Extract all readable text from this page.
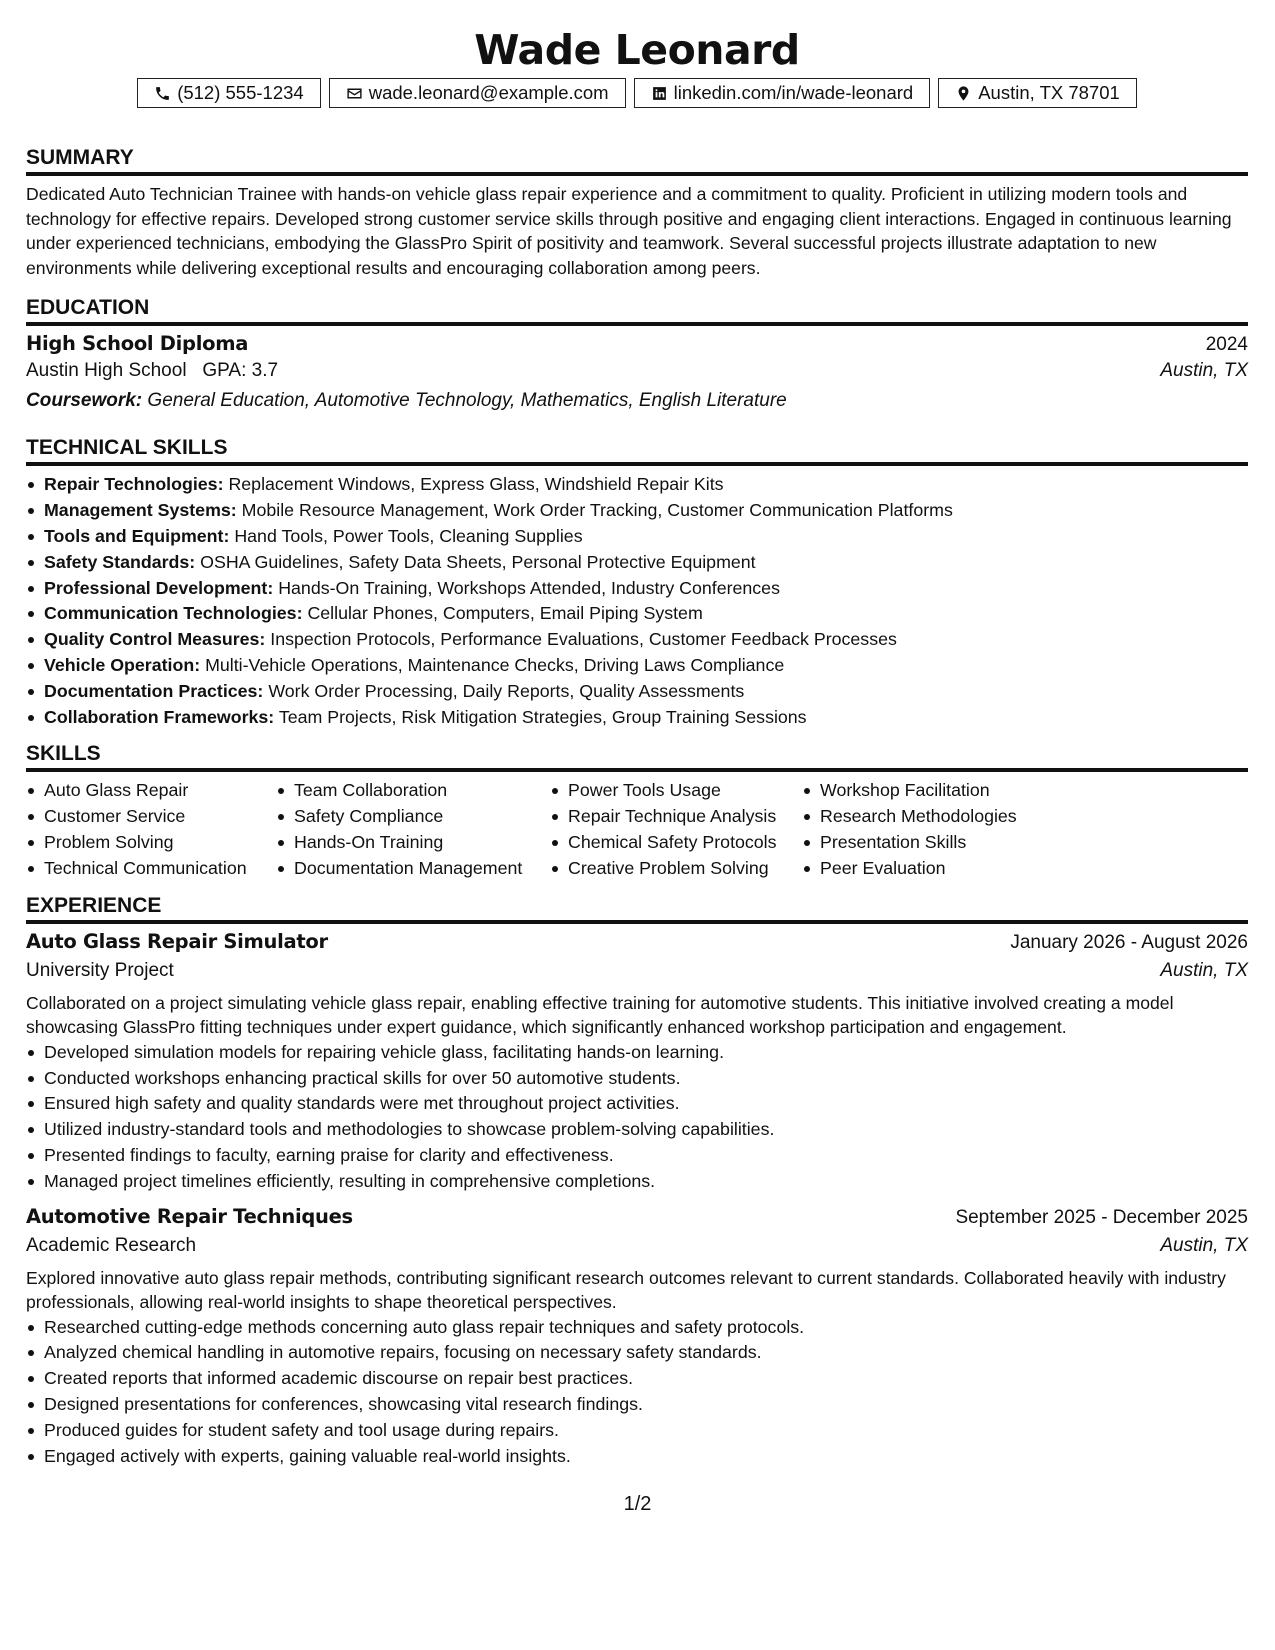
Wade Leonard
(512) 555-1234	wade.leonard@example.com	linkedin.com/in/wade-leonard	Austin, TX 78701
SUMMARY
Dedicated Auto Technician Trainee with hands-on vehicle glass repair experience and a commitment to quality. Proficient in utilizing modern tools and technology for effective repairs. Developed strong customer service skills through positive and engaging client interactions. Engaged in continuous learning under experienced technicians, embodying the GlassPro Spirit of positivity and teamwork. Several successful projects illustrate adaptation to new environments while delivering exceptional results and encouraging collaboration among peers.
EDUCATION
High School Diploma	2024
Austin High School GPA: 3.7	Austin, TX
Coursework: General Education, Automotive Technology, Mathematics, English Literature
TECHNICAL SKILLS
Repair Technologies: Replacement Windows, Express Glass, Windshield Repair Kits
Management Systems: Mobile Resource Management, Work Order Tracking, Customer Communication Platforms
Tools and Equipment: Hand Tools, Power Tools, Cleaning Supplies
Safety Standards: OSHA Guidelines, Safety Data Sheets, Personal Protective Equipment
Professional Development: Hands-On Training, Workshops Attended, Industry Conferences
Communication Technologies: Cellular Phones, Computers, Email Piping System
Quality Control Measures: Inspection Protocols, Performance Evaluations, Customer Feedback Processes
Vehicle Operation: Multi-Vehicle Operations, Maintenance Checks, Driving Laws Compliance
Documentation Practices: Work Order Processing, Daily Reports, Quality Assessments
Collaboration Frameworks: Team Projects, Risk Mitigation Strategies, Group Training Sessions
SKILLS
Auto Glass Repair
Customer Service
Problem Solving
Technical Communication
Team Collaboration
Safety Compliance
Hands-On Training
Documentation Management
Power Tools Usage
Repair Technique Analysis
Chemical Safety Protocols
Creative Problem Solving
Workshop Facilitation
Research Methodologies
Presentation Skills
Peer Evaluation
EXPERIENCE
Auto Glass Repair Simulator	January 2026 - August 2026
University Project	Austin, TX
Collaborated on a project simulating vehicle glass repair, enabling effective training for automotive students. This initiative involved creating a model showcasing GlassPro fitting techniques under expert guidance, which significantly enhanced workshop participation and engagement.
Developed simulation models for repairing vehicle glass, facilitating hands-on learning.
Conducted workshops enhancing practical skills for over 50 automotive students.
Ensured high safety and quality standards were met throughout project activities.
Utilized industry-standard tools and methodologies to showcase problem-solving capabilities.
Presented findings to faculty, earning praise for clarity and effectiveness.
Managed project timelines efficiently, resulting in comprehensive completions.
Automotive Repair Techniques	September 2025 - December 2025
Academic Research	Austin, TX
Explored innovative auto glass repair methods, contributing significant research outcomes relevant to current standards. Collaborated heavily with industry professionals, allowing real-world insights to shape theoretical perspectives.
Researched cutting-edge methods concerning auto glass repair techniques and safety protocols.
Analyzed chemical handling in automotive repairs, focusing on necessary safety standards.
Created reports that informed academic discourse on repair best practices.
Designed presentations for conferences, showcasing vital research findings.
Produced guides for student safety and tool usage during repairs.
Engaged actively with experts, gaining valuable real-world insights.
1/2
